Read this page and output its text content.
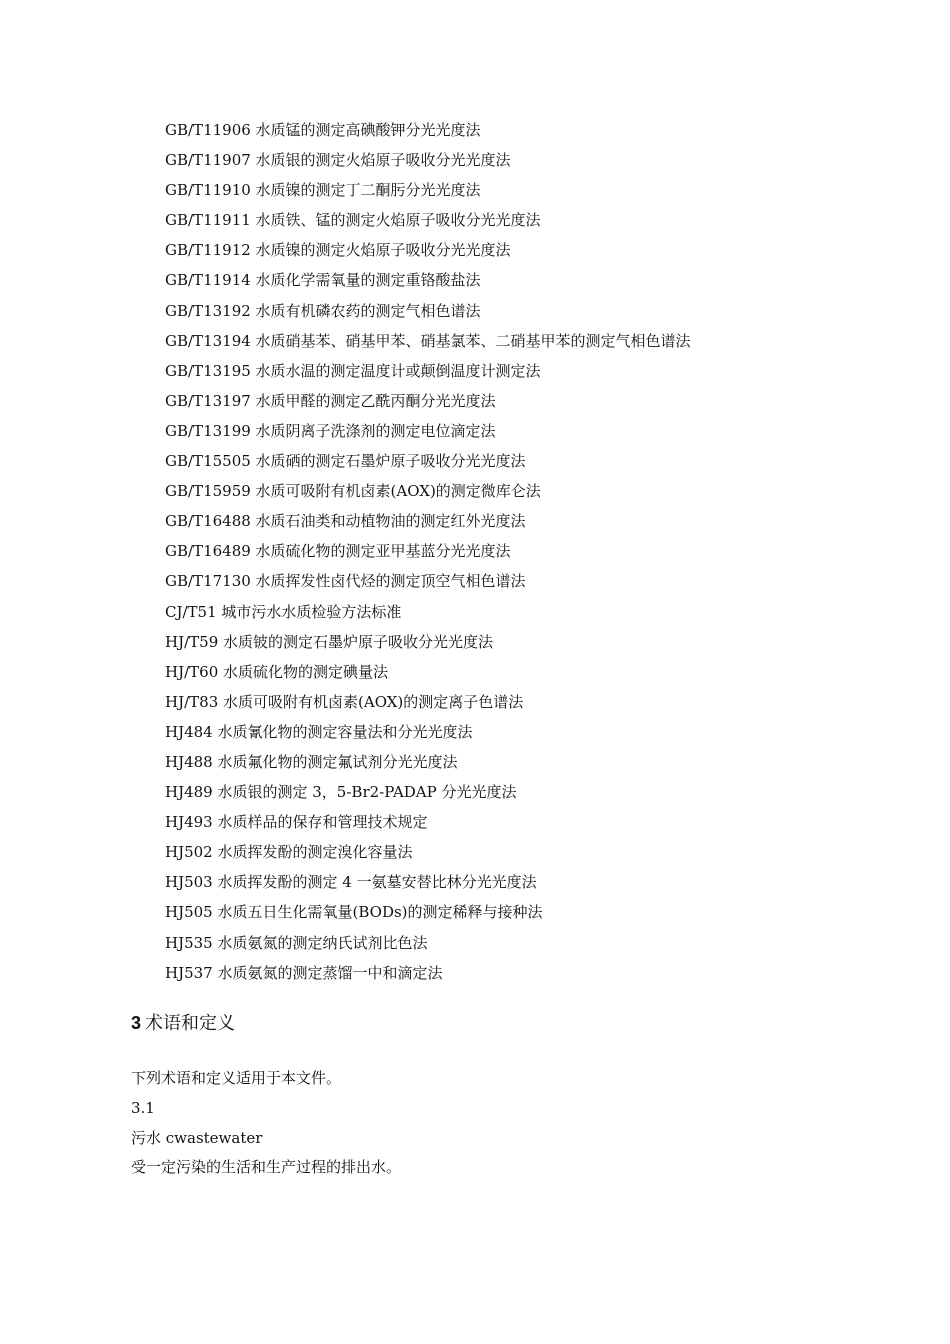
GB/T11906 水质锰的测定高碘酸钾分光光度法
GB/T11907 水质银的测定火焰原子吸收分光光度法
GB/T11910 水质镍的测定丁二酮肟分光光度法
GB/T11911 水质铁、锰的测定火焰原子吸收分光光度法
GB/T11912 水质镍的测定火焰原子吸收分光光度法
GB/T11914 水质化学需氧量的测定重铬酸盐法
GB/T13192 水质有机磷农药的测定气相色谱法
GB/T13194 水质硝基苯、硝基甲苯、硝基氯苯、二硝基甲苯的测定气相色谱法
GB/T13195 水质水温的测定温度计或颠倒温度计测定法
GB/T13197 水质甲醛的测定乙酰丙酮分光光度法
GB/T13199 水质阴离子洗涤剂的测定电位滴定法
GB/T15505 水质硒的测定石墨炉原子吸收分光光度法
GB/T15959 水质可吸附有机卤素(AOX)的测定微库仑法
GB/T16488 水质石油类和动植物油的测定红外光度法
GB/T16489 水质硫化物的测定亚甲基蓝分光光度法
GB/T17130 水质挥发性卤代烃的测定顶空气相色谱法
CJ/T51 城市污水水质检验方法标准
HJ/T59 水质铍的测定石墨炉原子吸收分光光度法
HJ/T60 水质硫化物的测定碘量法
HJ/T83 水质可吸附有机卤素(AOX)的测定离子色谱法
HJ484 水质氰化物的测定容量法和分光光度法
HJ488 水质氟化物的测定氟试剂分光光度法
HJ489 水质银的测定 3，5-Br2-PADAP 分光光度法
HJ493 水质样品的保存和管理技术规定
HJ502 水质挥发酚的测定溴化容量法
HJ503 水质挥发酚的测定 4 一氨墓安替比林分光光度法
HJ505 水质五日生化需氧量(BODs)的测定稀释与接种法
HJ535 水质氨氮的测定纳氏试剂比色法
HJ537 水质氨氮的测定蒸馏一中和滴定法
3 术语和定义
下列术语和定义适用于本文件。
3.1
污水 cwastewater
受一定污染的生活和生产过程的排出水。
